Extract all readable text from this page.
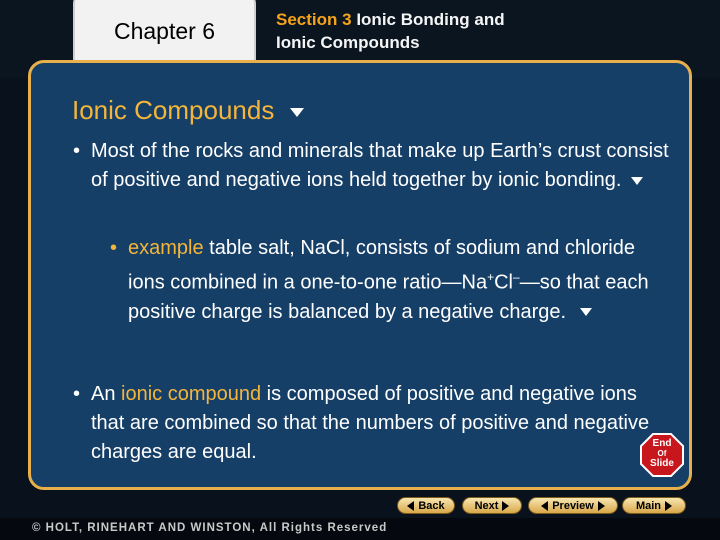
Chapter 6	Section 3 Ionic Bonding and
Ionic Compounds
Ionic Compounds
• Most of the rocks and minerals that make up Earth’s crust consist of positive and negative ions held together by ionic bonding.
• example table salt, NaCl, consists of sodium and chloride ions combined in a one-to-one ratio—Na+Cl–—so that each positive charge is balanced by a negative charge.
• An ionic compound is composed of positive and negative ions that are combined so that the numbers of positive and negative charges are equal.	End
Of
Slide
Back	Next	Preview	Main
© HOLT, RINEHART AND WINSTON, All Rights Reserved
